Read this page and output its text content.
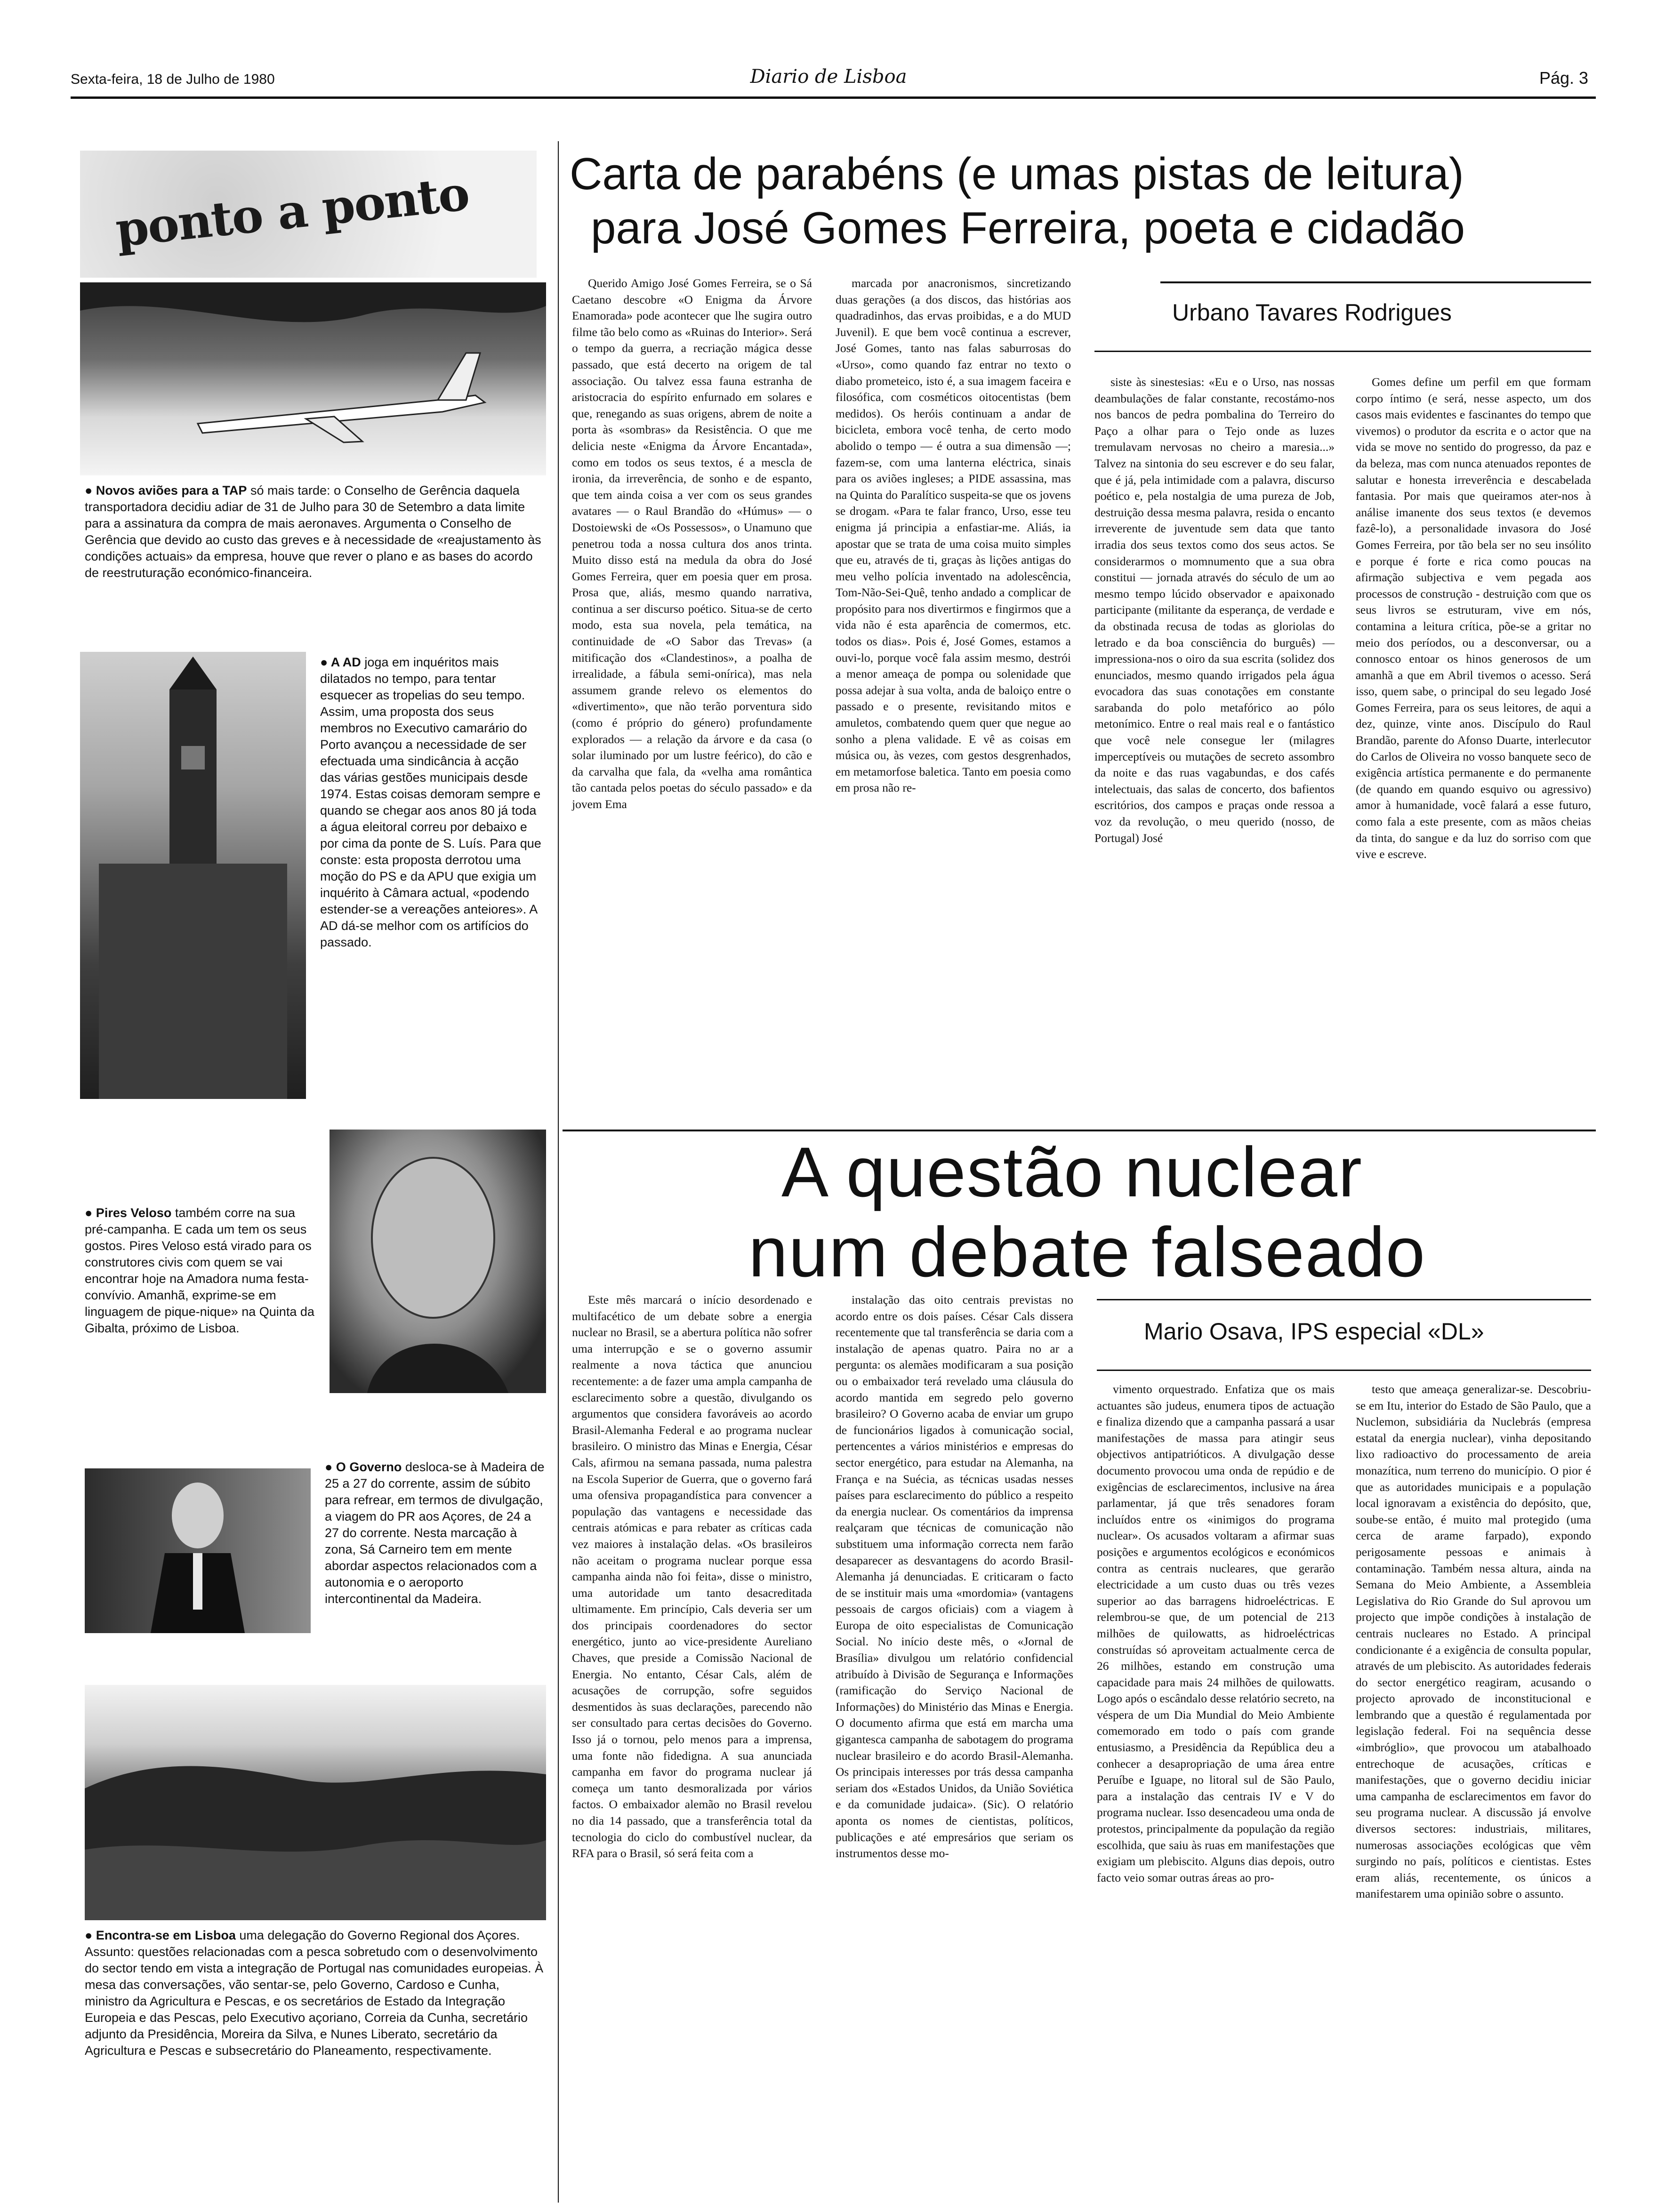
Sexta-feira, 18 de Julho de 1980	Diario de Lisboa	Pág. 3
ponto a ponto

● Novos aviões para a TAP só mais tarde: o Conselho de Gerência daquela transportadora decidiu adiar de 31 de Julho para 30 de Setembro a data limite para a assinatura da compra de mais aeronaves. Argumenta o Conselho de Gerência que devido ao custo das greves e à necessidade de «reajustamento às condições actuais» da empresa, houve que rever o plano e as bases do acordo de reestruturação económico-financeira.

● A AD joga em inquéritos mais dilatados no tempo, para tentar esquecer as tropelias do seu tempo. Assim, uma proposta dos seus membros no Executivo camarário do Porto avançou a necessidade de ser efectuada uma sindicância à acção das várias gestões municipais desde 1974. Estas coisas demoram sempre e quando se chegar aos anos 80 já toda a água eleitoral correu por debaixo e por cima da ponte de S. Luís. Para que conste: esta proposta derrotou uma moção do PS e da APU que exigia um inquérito à Câmara actual, «podendo estender-se a vereações anteiores». A AD dá-se melhor com os artifícios do passado.

● Pires Veloso também corre na sua pré-campanha. E cada um tem os seus gostos. Pires Veloso está virado para os construtores civis com quem se vai encontrar hoje na Amadora numa festa-convívio. Amanhã, exprime-se em linguagem de pique-nique» na Quinta da Gibalta, próximo de Lisboa.

● O Governo desloca-se à Madeira de 25 a 27 do corrente, assim de súbito para refrear, em termos de divulgação, a viagem do PR aos Açores, de 24 a 27 do corrente. Nesta marcação à zona, Sá Carneiro tem em mente abordar aspectos relacionados com a autonomia e o aeroporto intercontinental da Madeira.

● Encontra-se em Lisboa uma delegação do Governo Regional dos Açores. Assunto: questões relacionadas com a pesca sobretudo com o desenvolvimento do sector tendo em vista a integração de Portugal nas comunidades europeias. À mesa das conversações, vão sentar-se, pelo Governo, Cardoso e Cunha, ministro da Agricultura e Pescas, e os secretários de Estado da Integração Europeia e das Pescas, pelo Executivo açoriano, Correia da Cunha, secretário adjunto da Presidência, Moreira da Silva, e Nunes Liberato, secretário da Agricultura e Pescas e subsecretário do Planeamento, respectivamente.

Carta de parabéns (e umas pistas de leitura)
para José Gomes Ferreira, poeta e cidadão

Querido Amigo José Gomes Ferreira, se o Sá Caetano descobre «O Enigma da Árvore Enamorada» pode acontecer que lhe sugira outro filme tão belo como as «Ruinas do Interior». Será o tempo da guerra, a recriação mágica desse passado, que está decerto na origem de tal associação. Ou talvez essa fauna estranha de aristocracia do espírito enfurnado em solares e que, renegando as suas origens, abrem de noite a porta às «sombras» da Resistência. O que me delicia neste «Enigma da Árvore Encantada», como em todos os seus textos, é a mescla de ironia, da irreverência, de sonho e de espanto, que tem ainda coisa a ver com os seus grandes avatares — o Raul Brandão do «Húmus» — o Dostoiewski de «Os Possessos», o Unamuno que penetrou toda a nossa cultura dos anos trinta. Muito disso está na medula da obra do José Gomes Ferreira, quer em poesia quer em prosa. Prosa que, aliás, mesmo quando narrativa, continua a ser discurso poético. Situa-se de certo modo, esta sua novela, pela temática, na continuidade de «O Sabor das Trevas» (a mitificação dos «Clandestinos», a poalha de irrealidade, a fábula semi-onírica), mas nela assumem grande relevo os elementos do «divertimento», que não terão porventura sido (como é próprio do género) profundamente explorados — a relação da árvore e da casa (o solar iluminado por um lustre feérico), do cão e da carvalha que fala, da «velha ama romântica tão cantada pelos poetas do século passado» e da jovem Ema

marcada por anacronismos, sincretizando duas gerações (a dos discos, das histórias aos quadradinhos, das ervas proibidas, e a do MUD Juvenil). E que bem você continua a escrever, José Gomes, tanto nas falas saburrosas do «Urso», como quando faz entrar no texto o diabo prometeico, isto é, a sua imagem faceira e filosófica, com cosméticos oitocentistas (bem medidos). Os heróis continuam a andar de bicicleta, embora você tenha, de certo modo abolido o tempo — é outra a sua dimensão —; fazem-se, com uma lanterna eléctrica, sinais para os aviões ingleses; a PIDE assassina, mas na Quinta do Paralítico suspeita-se que os jovens se drogam. «Para te falar franco, Urso, esse teu enigma já principia a enfastiar-me. Aliás, ia apostar que se trata de uma coisa muito simples que eu, através de ti, graças às lições antigas do meu velho polícia inventado na adolescência, Tom-Não-Sei-Quê, tenho andado a complicar de propósito para nos divertirmos e fingirmos que a vida não é esta aparência de comermos, etc. todos os dias». Pois é, José Gomes, estamos a ouvi-lo, porque você fala assim mesmo, destrói a menor ameaça de pompa ou solenidade que possa adejar à sua volta, anda de baloiço entre o passado e o presente, revisitando mitos e amuletos, combatendo quem quer que negue ao sonho a plena validade. E vê as coisas em música ou, às vezes, com gestos desgrenhados, em metamorfose baletica. Tanto em poesia como em prosa não re-

Urbano Tavares Rodrigues

siste às sinestesias: «Eu e o Urso, nas nossas deambulações de falar constante, recostámo-nos nos bancos de pedra pombalina do Terreiro do Paço a olhar para o Tejo onde as luzes tremulavam nervosas no cheiro a maresia...» Talvez na sintonia do seu escrever e do seu falar, que é já, pela intimidade com a palavra, discurso poético e, pela nostalgia de uma pureza de Job, destruição dessa mesma palavra, resida o encanto irreverente de juventude sem data que tanto irradia dos seus textos como dos seus actos. Se considerarmos o momnumento que a sua obra constitui — jornada através do século de um ao mesmo tempo lúcido observador e apaixonado participante (militante da esperança, de verdade e da obstinada recusa de todas as gloriolas do letrado e da boa consciência do burguês) — impressiona-nos o oiro da sua escrita (solidez dos enunciados, mesmo quando irrigados pela água evocadora das suas conotações em constante sarabanda do polo metafórico ao pólo metonímico. Entre o real mais real e o fantástico que você nele consegue ler (milagres imperceptíveis ou mutações de secreto assombro da noite e das ruas vagabundas, e dos cafés intelectuais, das salas de concerto, dos bafientos escritórios, dos campos e praças onde ressoa a voz da revolução, o meu querido (nosso, de Portugal) José

Gomes define um perfil em que formam corpo íntimo (e será, nesse aspecto, um dos casos mais evidentes e fascinantes do tempo que vivemos) o produtor da escrita e o actor que na vida se move no sentido do progresso, da paz e da beleza, mas com nunca atenuados repontes de salutar e honesta irreverência e descabelada fantasia. Por mais que queiramos ater-nos à análise imanente dos seus textos (e devemos fazê-lo), a personalidade invasora do José Gomes Ferreira, por tão bela ser no seu insólito e porque é forte e rica como poucas na afirmação subjectiva e vem pegada aos processos de construção - destruição com que os seus livros se estruturam, vive em nós, contamina a leitura crítica, põe-se a gritar no meio dos períodos, ou a desconversar, ou a connosco entoar os hinos generosos de um amanhã a que em Abril tivemos o acesso. Será isso, quem sabe, o principal do seu legado José Gomes Ferreira, para os seus leitores, de aqui a dez, quinze, vinte anos. Discípulo do Raul Brandão, parente do Afonso Duarte, interlecutor do Carlos de Oliveira no vosso banquete seco de exigência artística permanente e do permanente (de quando em quando esquivo ou agressivo) amor à humanidade, você falará a esse futuro, como fala a este presente, com as mãos cheias da tinta, do sangue e da luz do sorriso com que vive e escreve.

A questão nuclear
num debate falseado

Este mês marcará o início desordenado e multifacético de um debate sobre a energia nuclear no Brasil, se a abertura política não sofrer uma interrupção e se o governo assumir realmente a nova táctica que anunciou recentemente: a de fazer uma ampla campanha de esclarecimento sobre a questão, divulgando os argumentos que considera favoráveis ao acordo Brasil-Alemanha Federal e ao programa nuclear brasileiro. O ministro das Minas e Energia, César Cals, afirmou na semana passada, numa palestra na Escola Superior de Guerra, que o governo fará uma ofensiva propagandística para convencer a população das vantagens e necessidade das centrais atómicas e para rebater as críticas cada vez maiores à instalação delas. «Os brasileiros não aceitam o programa nuclear porque essa campanha ainda não foi feita», disse o ministro, uma autoridade um tanto desacreditada ultimamente. Em princípio, Cals deveria ser um dos principais coordenadores do sector energético, junto ao vice-presidente Aureliano Chaves, que preside a Comissão Nacional de Energia. No entanto, César Cals, além de acusações de corrupção, sofre seguidos desmentidos às suas declarações, parecendo não ser consultado para certas decisões do Governo. Isso já o tornou, pelo menos para a imprensa, uma fonte não fidedigna. A sua anunciada campanha em favor do programa nuclear já começa um tanto desmoralizada por vários factos. O embaixador alemão no Brasil revelou no dia 14 passado, que a transferência total da tecnologia do ciclo do combustível nuclear, da RFA para o Brasil, só será feita com a

instalação das oito centrais previstas no acordo entre os dois países. César Cals dissera recentemente que tal transferência se daria com a instalação de apenas quatro. Paira no ar a pergunta: os alemães modificaram a sua posição ou o embaixador terá revelado uma cláusula do acordo mantida em segredo pelo governo brasileiro? O Governo acaba de enviar um grupo de funcionários ligados à comunicação social, pertencentes a vários ministérios e empresas do sector energético, para estudar na Alemanha, na França e na Suécia, as técnicas usadas nesses países para esclarecimento do público a respeito da energia nuclear. Os comentários da imprensa realçaram que técnicas de comunicação não substituem uma informação correcta nem farão desaparecer as desvantagens do acordo Brasil-Alemanha já denunciadas. E criticaram o facto de se instituir mais uma «mordomia» (vantagens pessoais de cargos oficiais) com a viagem à Europa de oito especialistas de Comunicação Social. No início deste mês, o «Jornal de Brasília» divulgou um relatório confidencial atribuído à Divisão de Segurança e Informações (ramificação do Serviço Nacional de Informações) do Ministério das Minas e Energia. O documento afirma que está em marcha uma gigantesca campanha de sabotagem do programa nuclear brasileiro e do acordo Brasil-Alemanha. Os principais interesses por trás dessa campanha seriam dos «Estados Unidos, da União Soviética e da comunidade judaica». (Sic). O relatório aponta os nomes de cientistas, políticos, publicações e até empresários que seriam os instrumentos desse mo-

Mario Osava, IPS especial «DL»

vimento orquestrado. Enfatiza que os mais actuantes são judeus, enumera tipos de actuação e finaliza dizendo que a campanha passará a usar manifestações de massa para atingir seus objectivos antipatrióticos. A divulgação desse documento provocou uma onda de repúdio e de exigências de esclarecimentos, inclusive na área parlamentar, já que três senadores foram incluídos entre os «inimigos do programa nuclear». Os acusados voltaram a afirmar suas posições e argumentos ecológicos e económicos contra as centrais nucleares, que gerarão electricidade a um custo duas ou três vezes superior ao das barragens hidroeléctricas. E relembrou-se que, de um potencial de 213 milhões de quilowatts, as hidroeléctricas construídas só aproveitam actualmente cerca de 26 milhões, estando em construção uma capacidade para mais 24 milhões de quilowatts. Logo após o escândalo desse relatório secreto, na véspera de um Dia Mundial do Meio Ambiente comemorado em todo o país com grande entusiasmo, a Presidência da República deu a conhecer a desapropriação de uma área entre Peruíbe e Iguape, no litoral sul de São Paulo, para a instalação das centrais IV e V do programa nuclear. Isso desencadeou uma onda de protestos, principalmente da população da região escolhida, que saiu às ruas em manifestações que exigiam um plebiscito. Alguns dias depois, outro facto veio somar outras áreas ao pro-

testo que ameaça generalizar-se. Descobriu-se em Itu, interior do Estado de São Paulo, que a Nuclemon, subsidiária da Nuclebrás (empresa estatal da energia nuclear), vinha depositando lixo radioactivo do processamento de areia monazítica, num terreno do município. O pior é que as autoridades municipais e a população local ignoravam a existência do depósito, que, soube-se então, é muito mal protegido (uma cerca de arame farpado), expondo perigosamente pessoas e animais à contaminação. Também nessa altura, ainda na Semana do Meio Ambiente, a Assembleia Legislativa do Rio Grande do Sul aprovou um projecto que impõe condições à instalação de centrais nucleares no Estado. A principal condicionante é a exigência de consulta popular, através de um plebiscito. As autoridades federais do sector energético reagiram, acusando o projecto aprovado de inconstitucional e lembrando que a questão é regulamentada por legislação federal. Foi na sequência desse «imbróglio», que provocou um atabalhoado entrechoque de acusações, críticas e manifestações, que o governo decidiu iniciar uma campanha de esclarecimentos em favor do seu programa nuclear. A discussão já envolve diversos sectores: industriais, militares, numerosas associações ecológicas que vêm surgindo no país, políticos e cientistas. Estes eram aliás, recentemente, os únicos a manifestarem uma opinião sobre o assunto.
